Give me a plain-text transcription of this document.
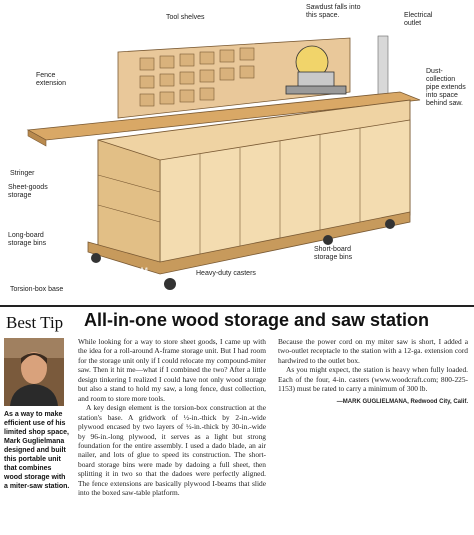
Tool shelves
Sawdust falls into this space.	Electrical outlet
Fence extension
Dust-collection pipe extends into space behind saw.
Stringer
Sheet-goods storage
Long-board storage bins
Short-board storage bins
Heavy-duty casters
Torsion-box base
WOODARCHIVIST.COM	WOODARCHIVIST.COM
Best Tip All-in-one wood storage and saw station
As a way to make efficient use of his limited shop space, Mark Guglielmana designed and built this portable unit that combines wood storage with a miter-saw station.

While looking for a way to store sheet goods, I came up with the idea for a roll-around A-frame storage unit. But I had room for the storage unit only if I could relocate my compound-miter saw. Then it hit me—what if I combined the two? After a little design tinkering I realized I could have not only wood storage but also a stand to hold my saw, a long fence, dust collection, and room to store more tools.

A key design element is the torsion-box construction at the station's base. A gridwork of ½-in.-thick by 2-in.-wide plywood encased by two layers of ½-in.-thick by 30-in.-wide by 96-in.-long plywood, it serves as a light but strong foundation for the entire assembly. I used a dado blade, an air nailer, and lots of glue to speed its construction. The short-board storage bins were made by dadoing a full sheet, then splitting it in two so that the dadoes were perfectly aligned. The fence extensions are basically plywood I-beams that slide into the boxed saw-table platform.

Because the power cord on my miter saw is short, I added a two-outlet receptacle to the station with a 12-ga. extension cord hardwired to the outlet box.

As you might expect, the station is heavy when fully loaded. Each of the four, 4-in. casters (www.woodcraft.com; 800-225-1153) must be rated to carry a minimum of 300 lb.

—MARK GUGLIELMANA, Redwood City, Calif.
